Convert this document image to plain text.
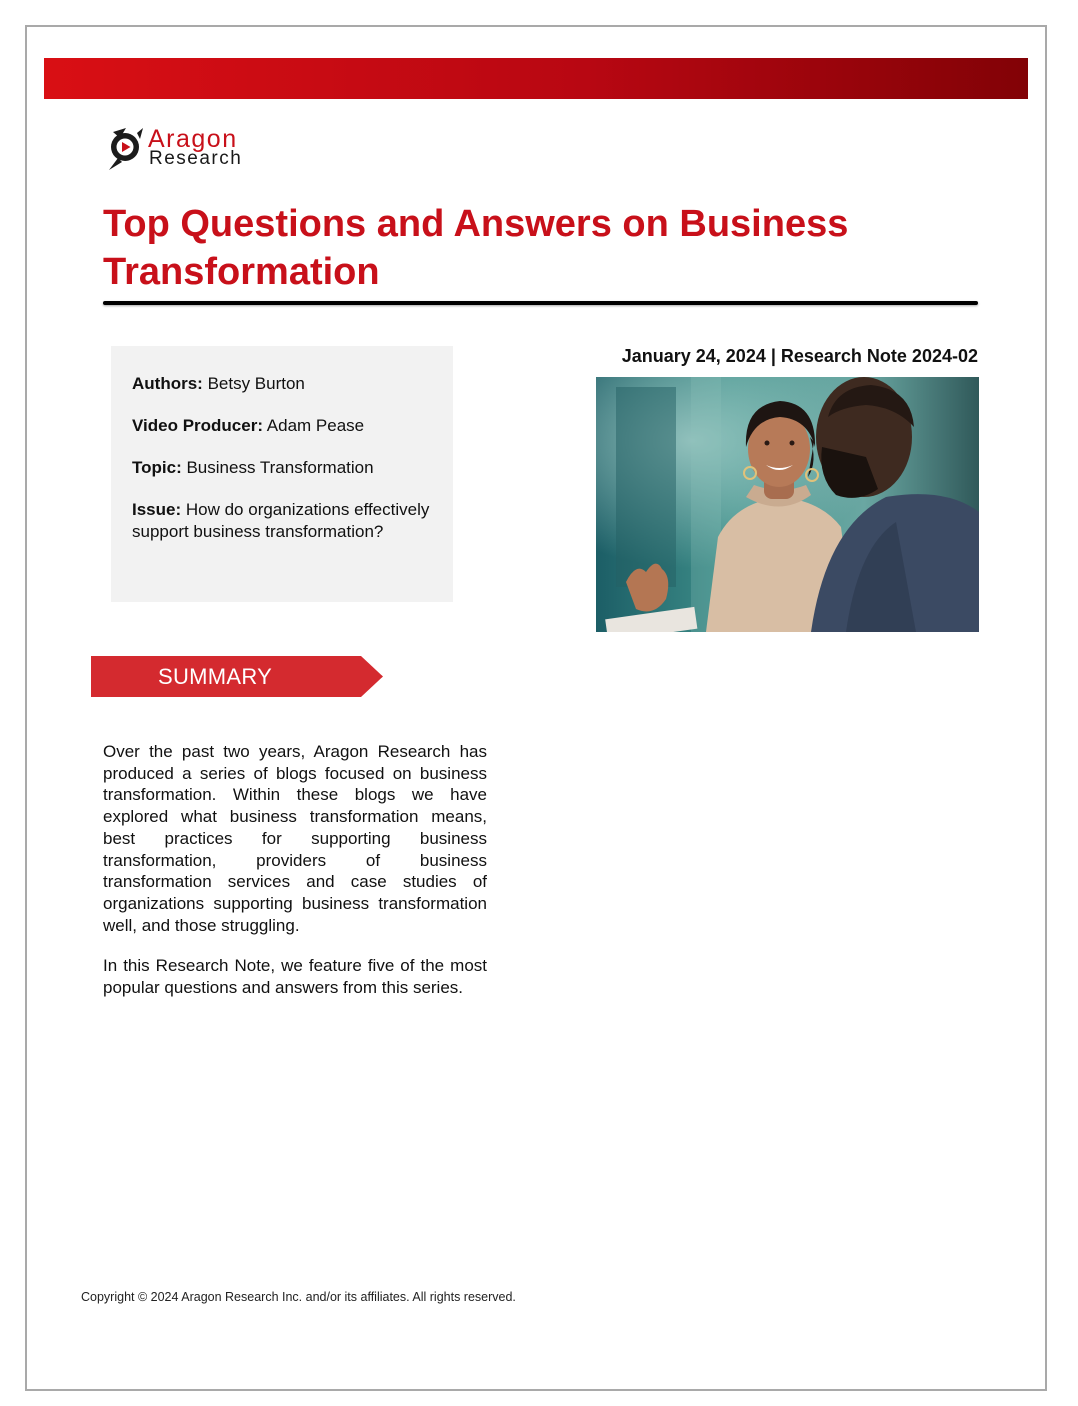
Aragon
Research
Top Questions and Answers on Business Transformation
Authors: Betsy Burton
Video Producer: Adam Pease
Topic: Business Transformation
Issue: How do organizations effectively support business transformation?
January 24, 2024 | Research Note 2024-02
SUMMARY

Over the past two years, Aragon Research has produced a series of blogs focused on business transformation. Within these blogs we have explored what business transformation means, best practices for supporting business transformation, providers of business transformation services and case studies of organizations supporting business transformation well, and those struggling.

In this Research Note, we feature five of the most popular questions and answers from this series.

Copyright © 2024 Aragon Research Inc. and/or its affiliates. All rights reserved.
